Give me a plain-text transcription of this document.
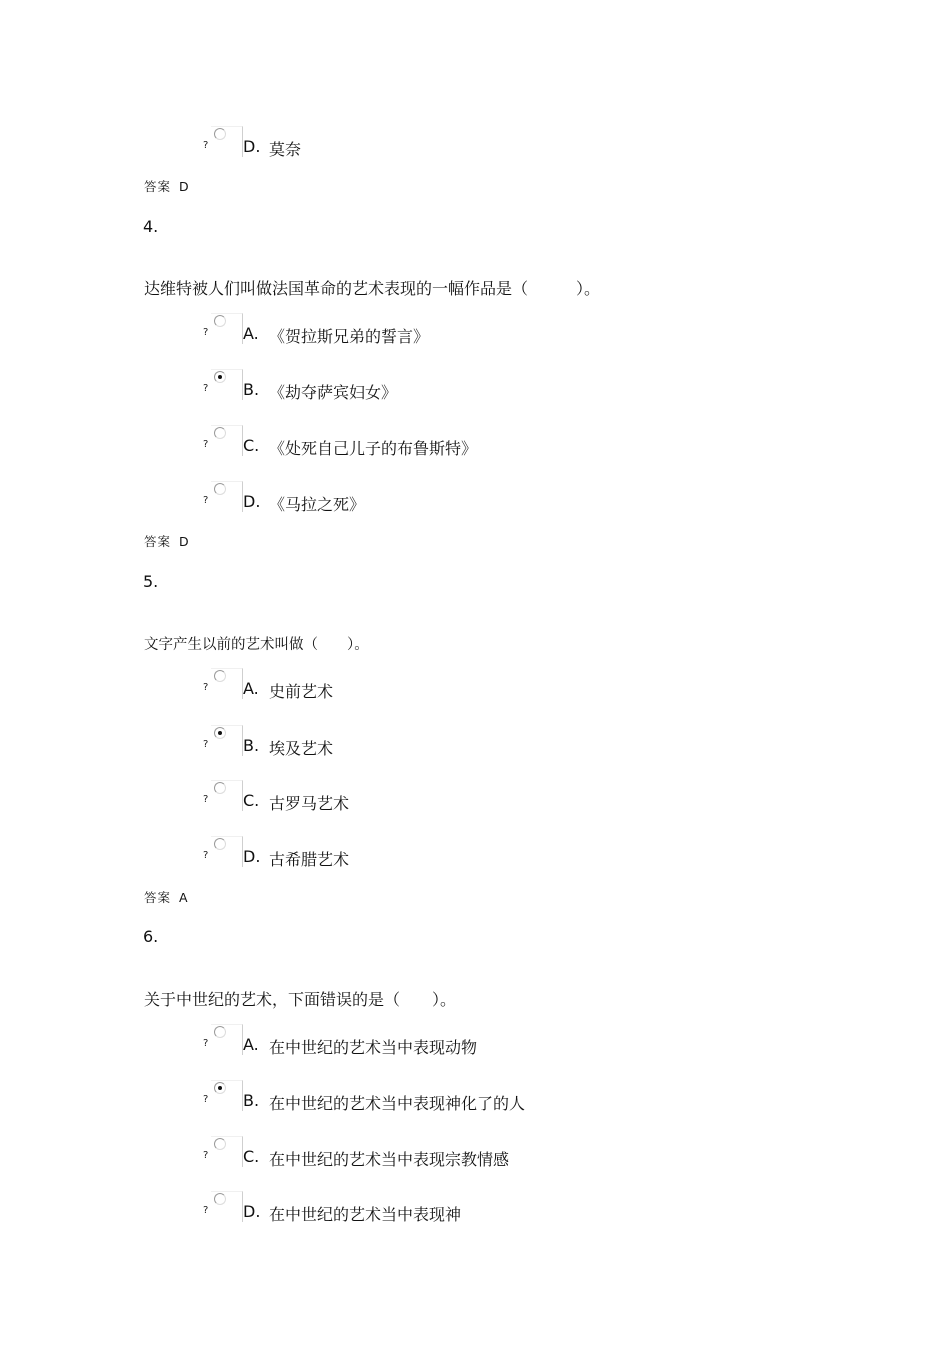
? D. 莫奈
答案 D
4.
达维特被人们叫做法国革命的艺术表现的一幅作品是（　　　）。
? A. 《贺拉斯兄弟的誓言》
? B. 《劫夺萨宾妇女》
? C. 《处死自己儿子的布鲁斯特》
? D. 《马拉之死》
答案 D
5.
文字产生以前的艺术叫做（　　）。
? A. 史前艺术
? B. 埃及艺术
? C. 古罗马艺术
? D. 古希腊艺术
答案 A
6.
关于中世纪的艺术，下面错误的是（　　）。
? A. 在中世纪的艺术当中表现动物
? B. 在中世纪的艺术当中表现神化了的人
? C. 在中世纪的艺术当中表现宗教情感
? D. 在中世纪的艺术当中表现神
